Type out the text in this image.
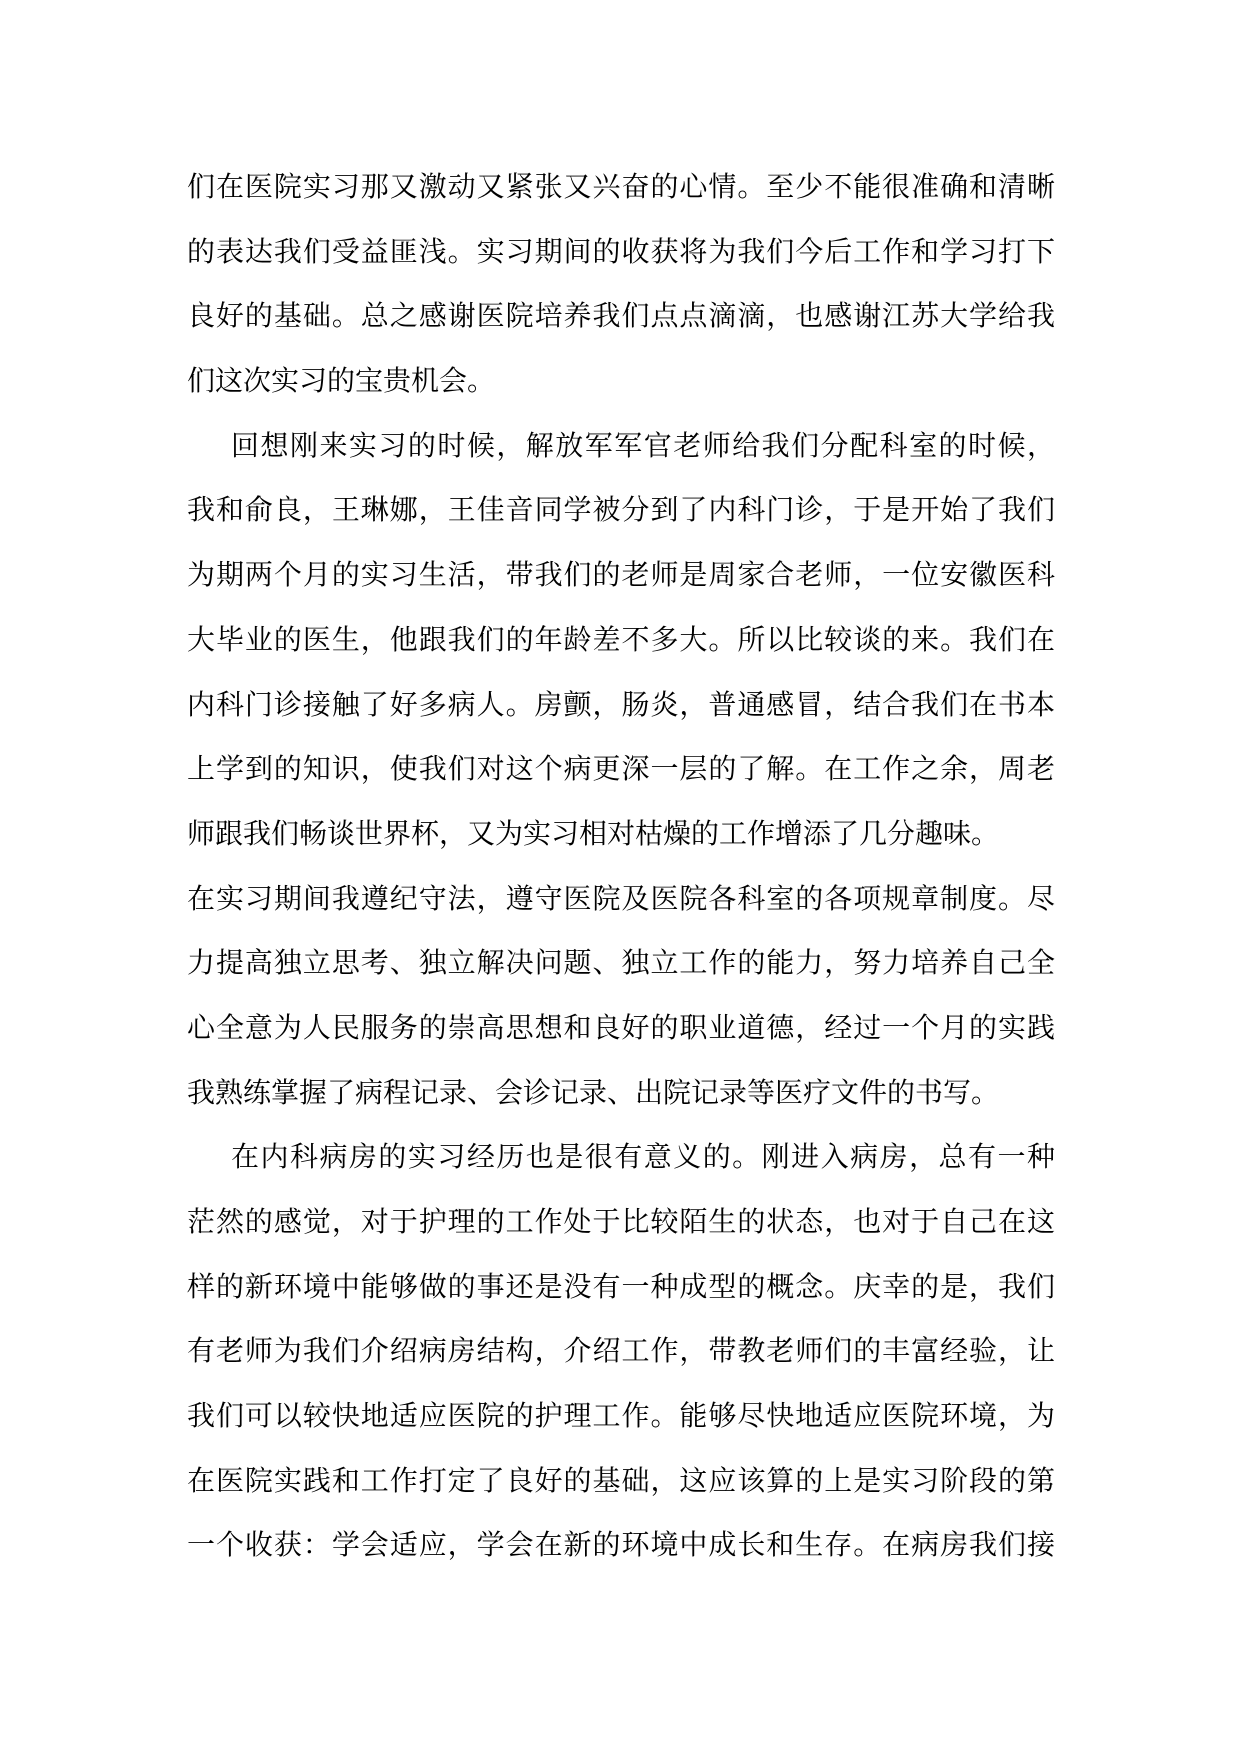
们在医院实习那又激动又紧张又兴奋的心情。至少不能很准确和清晰
的表达我们受益匪浅。实习期间的收获将为我们今后工作和学习打下
良好的基础。总之感谢医院培养我们点点滴滴，也感谢江苏大学给我
们这次实习的宝贵机会。
回想刚来实习的时候，解放军军官老师给我们分配科室的时候，
我和俞良，王琳娜，王佳音同学被分到了内科门诊，于是开始了我们
为期两个月的实习生活，带我们的老师是周家合老师，一位安徽医科
大毕业的医生，他跟我们的年龄差不多大。所以比较谈的来。我们在
内科门诊接触了好多病人。房颤，肠炎，普通感冒，结合我们在书本
上学到的知识，使我们对这个病更深一层的了解。在工作之余，周老
师跟我们畅谈世界杯，又为实习相对枯燥的工作增添了几分趣味。
在实习期间我遵纪守法，遵守医院及医院各科室的各项规章制度。尽
力提高独立思考、独立解决问题、独立工作的能力，努力培养自己全
心全意为人民服务的崇高思想和良好的职业道德，经过一个月的实践
我熟练掌握了病程记录、会诊记录、出院记录等医疗文件的书写。
在内科病房的实习经历也是很有意义的。刚进入病房，总有一种
茫然的感觉，对于护理的工作处于比较陌生的状态，也对于自己在这
样的新环境中能够做的事还是没有一种成型的概念。庆幸的是，我们
有老师为我们介绍病房结构，介绍工作，带教老师们的丰富经验，让
我们可以较快地适应医院的护理工作。能够尽快地适应医院环境，为
在医院实践和工作打定了良好的基础，这应该算的上是实习阶段的第
一个收获：学会适应，学会在新的环境中成长和生存。在病房我们接
